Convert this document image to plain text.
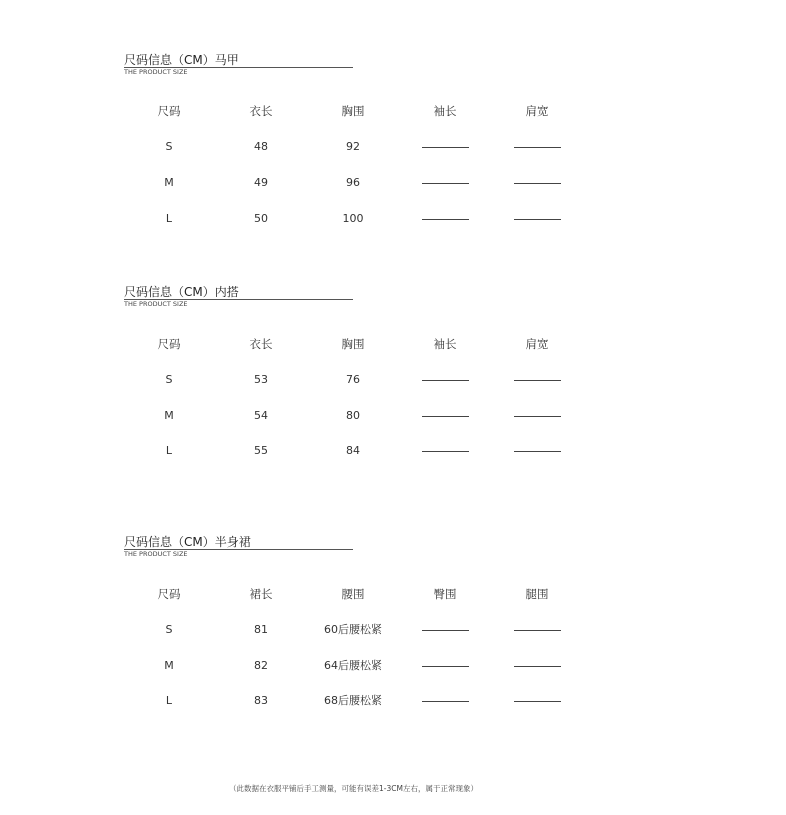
尺码信息（CM）马甲
THE PRODUCT SIZE
尺码	衣长	胸围	袖长	肩宽
S	48	92
M	49	96
L	50	100
尺码信息（CM）内搭
THE PRODUCT SIZE
尺码	衣长	胸围	袖长	肩宽
S	53	76
M	54	80
L	55	84
尺码信息（CM）半身裙
THE PRODUCT SIZE
尺码	裙长	腰围	臀围	腿围
S	81	60后腰松紧
M	82	64后腰松紧
L	83	68后腰松紧
（此数据在衣服平铺后手工测量，可能有误差1-3CM左右，属于正常现象）
